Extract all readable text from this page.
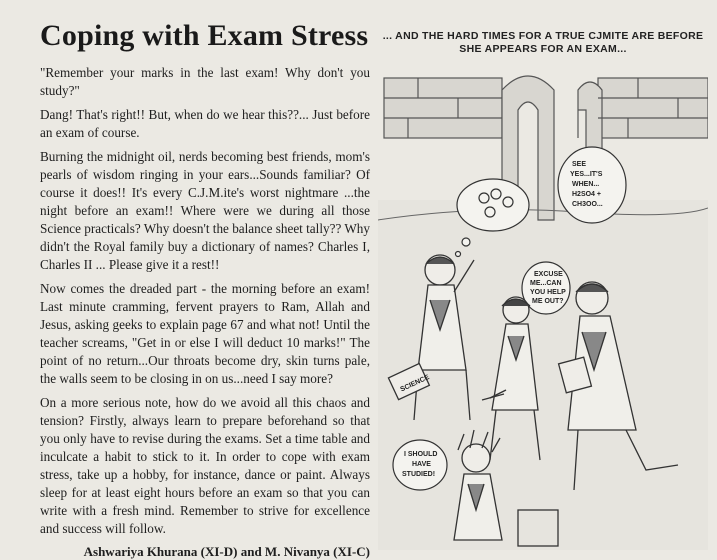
Coping with Exam Stress

"Remember your marks in the last exam! Why don't you study?"

Dang! That's right!! But, when do we hear this??... Just before an exam of course.

Burning the midnight oil, nerds becoming best friends, mom's pearls of wisdom ringing in your ears...Sounds familiar? Of course it does!! It's every C.J.M.ite's worst nightmare ...the night before an exam!! Where were we during all those Science practicals? Why doesn't the balance sheet tally?? Why didn't the Royal family buy a dictionary of names? Charles I, Charles II ... Please give it a rest!!

Now comes the dreaded part - the morning before an exam! Last minute cramming, fervent prayers to Ram, Allah and Jesus, asking geeks to explain page 67 and what not! Until the teacher screams, "Get in or else I will deduct 10 marks!" The point of no return...Our throats become dry, skin turns pale, the walls seem to be closing in on us...need I say more?

On a more serious note, how do we avoid all this chaos and tension? Firstly, always learn to prepare beforehand so that you only have to revise during the exams. Set a time table and inculcate a habit to stick to it. In order to cope with exam stress, take up a hobby, for instance, dance or paint. Always sleep for at least eight hours before an exam so that you can write with a fresh mind. Remember to strive for excellence and success will follow.

Ashwariya Khurana (XI-D) and M. Nivanya (XI-C)
... AND THE HARD TIMES FOR A TRUE CJMITE ARE BEFORE SHE APPEARS FOR AN EXAM...
SEE
YES...IT'S
WHEN...
H2SO4 +
CH3OO...
EXCUSE
ME...CAN
YOU HELP
ME OUT?
I SHOULD
HAVE
STUDIED!
SCIENCE
